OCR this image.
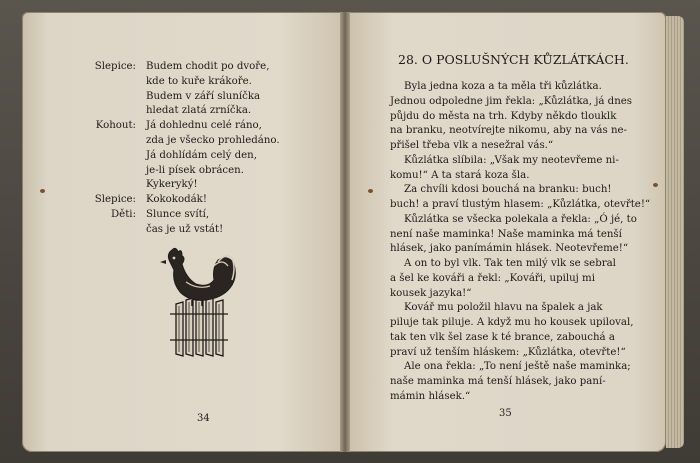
Slepice: Budem chodit po dvoře,
kde to kuře krákoře.
Budem v září sluníčka
hledat zlatá zrníčka.
Kohout: Já dohlednu celé ráno,
zda je všecko prohledáno.
Já dohlídám celý den,
je-li písek obrácen.
Kykeryký!
Slepice: Kokokodák!
Děti: Slunce svítí,
čas je už vstát!
34
28. O POSLUŠNÝCH KŮZLÁTKÁCH.
Byla jedna koza a ta měla tři kůzlátka.
Jednou odpoledne jim řekla: „Kůzlátka, já dnes
půjdu do města na trh. Kdyby někdo tlouklk
na branku, neotvírejte nikomu, aby na vás ne-
přišel třeba vlk a nesežral vás.“
Kůzlátka slíbila: „Však my neotevřeme ni-
komu!“ A ta stará koza šla.
Za chvíli kdosi bouchá na branku: buch!
buch! a praví tlustým hlasem: „Kůzlátka, otevřte!“
Kůzlátka se všecka polekala a řekla: „Ó jé, to
není naše maminka! Naše maminka má tenší
hlásek, jako panímámin hlásek. Neotevřeme!“
A on to byl vlk. Tak ten milý vlk se sebral
a šel ke kováři a řekl: „Kováři, upiluj mi
kousek jazyka!“
Kovář mu položil hlavu na špalek a jak
piluje tak piluje. A když mu ho kousek upiloval,
tak ten vlk šel zase k té brance, zabouchá a
praví už tenším hláskem: „Kůzlátka, otevřte!“
Ale ona řekla: „To není ještě naše maminka;
naše maminka má tenší hlásek, jako paní-
mámin hlásek.“
35
